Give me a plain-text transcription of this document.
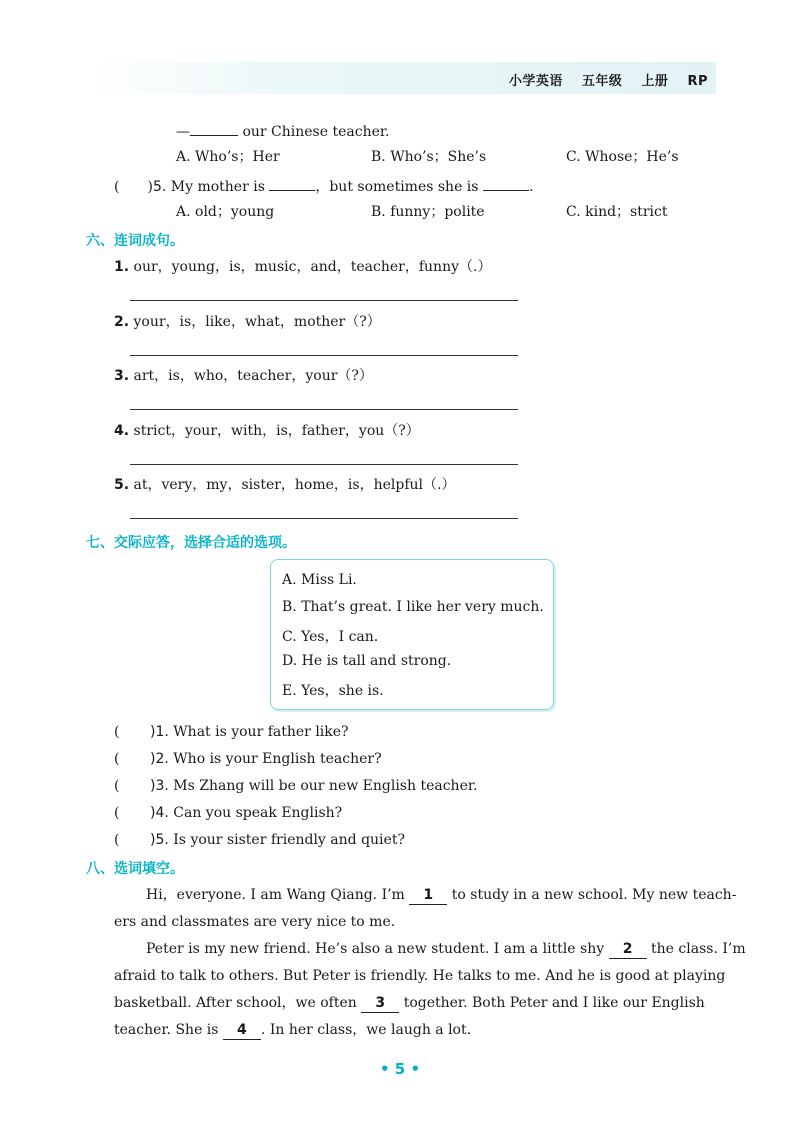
小学英语 五年级 上册 RP
—	our Chinese teacher.
A. Who’s；Her	B. Who’s；She’s	C. Whose；He’s
(　　)5. My mother is	，but sometimes she is	.
A. old；young	B. funny；polite	C. kind；strict
六、连词成句。
1. our，young，is，music，and，teacher，funny（.）
2. your，is，like，what，mother（?）
3. art，is，who，teacher，your（?）
4. strict，your，with，is，father，you（?）
5. at，very，my，sister，home，is，helpful（.）
七、交际应答，选择合适的选项。
A. Miss Li.
B. That’s great. I like her very much.
C. Yes，I can.
D. He is tall and strong.
E. Yes，she is.
( )1. What is your father like?
( )2. Who is your English teacher?
( )3. Ms Zhang will be our new English teacher.
( )4. Can you speak English?
( )5. Is your sister friendly and quiet?
八、选词填空。
Hi，everyone. I am Wang Qiang. I’m 1 to study in a new school. My new teach-
ers and classmates are very nice to me.
Peter is my new friend. He’s also a new student. I am a little shy 2 the class. I’m
afraid to talk to others. But Peter is friendly. He talks to me. And he is good at playing
basketball. After school，we often 3 together. Both Peter and I like our English
teacher. She is 4 . In her class，we laugh a lot.
• 5 •
